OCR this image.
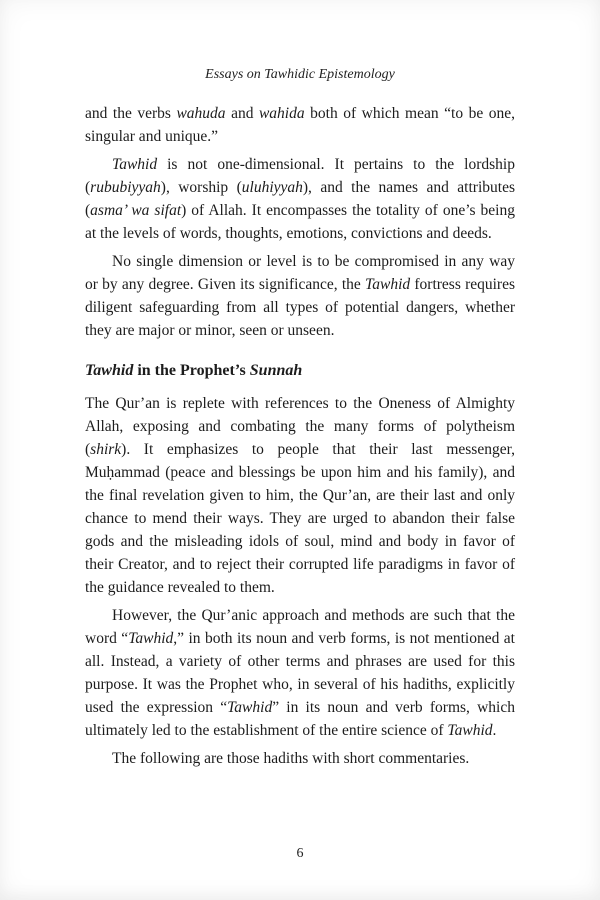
Essays on Tawhidic Epistemology

and the verbs wahuda and wahida both of which mean “to be one, singular and unique.”

Tawhid is not one-dimensional. It pertains to the lordship (rububiyyah), worship (uluhiyyah), and the names and attributes (asma’ wa sifat) of Allah. It encompasses the totality of one’s being at the levels of words, thoughts, emotions, convictions and deeds.

No single dimension or level is to be compromised in any way or by any degree. Given its significance, the Tawhid fortress requires diligent safeguarding from all types of potential dangers, whether they are major or minor, seen or unseen.

Tawhid in the Prophet’s Sunnah

The Qur’an is replete with references to the Oneness of Almighty Allah, exposing and combating the many forms of polytheism (shirk). It emphasizes to people that their last messenger, Muḥammad (peace and blessings be upon him and his family), and the final revelation given to him, the Qur’an, are their last and only chance to mend their ways. They are urged to abandon their false gods and the misleading idols of soul, mind and body in favor of their Creator, and to reject their corrupted life paradigms in favor of the guidance revealed to them.

However, the Qur’anic approach and methods are such that the word “Tawhid,” in both its noun and verb forms, is not mentioned at all. Instead, a variety of other terms and phrases are used for this purpose. It was the Prophet who, in several of his hadiths, explicitly used the expression “Tawhid” in its noun and verb forms, which ultimately led to the establishment of the entire science of Tawhid.

The following are those hadiths with short commentaries.

6
